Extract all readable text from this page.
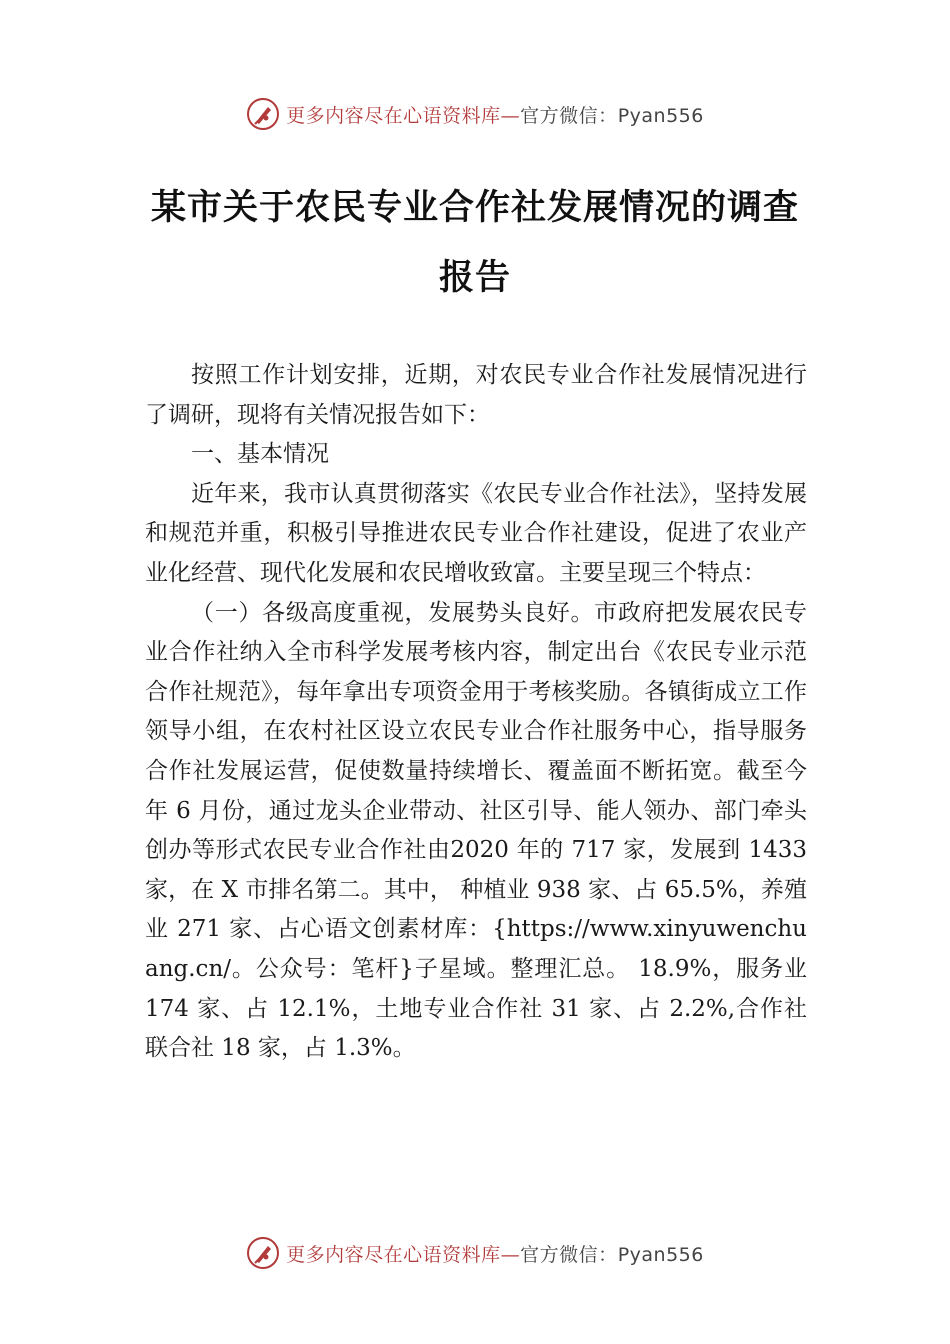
更多内容尽在心语资料库—官方微信：Pyan556
某市关于农民专业合作社发展情况的调查
报告

按照工作计划安排，近期，对农民专业合作社发展情况进行了调研，现将有关情况报告如下：

一、基本情况

近年来，我市认真贯彻落实《农民专业合作社法》，坚持发展和规范并重，积极引导推进农民专业合作社建设，促进了农业产业化经营、现代化发展和农民增收致富。主要呈现三个特点：

（一）各级高度重视，发展势头良好。市政府把发展农民专业合作社纳入全市科学发展考核内容，制定出台《农民专业示范合作社规范》，每年拿出专项资金用于考核奖励。各镇街成立工作领导小组，在农村社区设立农民专业合作社服务中心，指导服务合作社发展运营，促使数量持续增长、覆盖面不断拓宽。截至今年 6 月份，通过龙头企业带动、社区引导、能人领办、部门牵头创办等形式农民专业合作社由2020 年的 717 家，发展到 1433 家，在 X 市排名第二。其中， 种植业 938 家、占 65.5%，养殖业 271 家、占心语文创素材库：{https://www.xinyuwenchuang.cn/。公众号：笔杆}子星域。整理汇总。 18.9%，服务业 174 家、占 12.1%，土地专业合作社 31 家、占 2.2%,合作社联合社 18 家，占 1.3%。

更多内容尽在心语资料库—官方微信：Pyan556
